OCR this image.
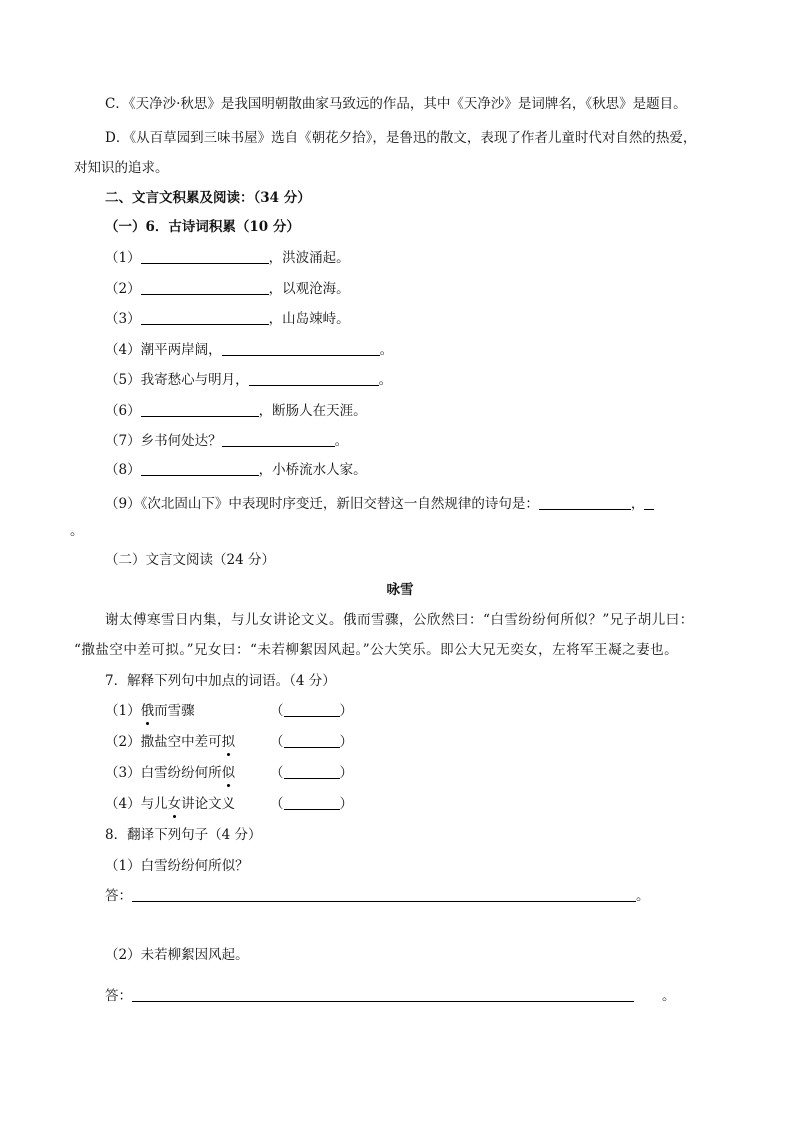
C．《天净沙·秋思》是我国明朝散曲家马致远的作品，其中《天净沙》是词牌名，《秋思》是题目。
D．《从百草园到三味书屋》选自《朝花夕拾》，是鲁迅的散文，表现了作者儿童时代对自然的热爱，
对知识的追求。
二、文言文积累及阅读：（34 分）
（一）6．古诗词积累（10 分）
（1）	，洪波涌起。
（2）	，以观沧海。
（3）	，山岛竦峙。
（4）潮平两岸阔，	。
（5）我寄愁心与明月，	。
（6）	，断肠人在天涯。
（7）乡书何处达？	。
（8）	，小桥流水人家。
（9）《次北固山下》中表现时序变迁，新旧交替这一自然规律的诗句是：	，
。
（二）文言文阅读（24 分）
咏雪
谢太傅寒雪日内集，与儿女讲论文义。俄而雪骤，公欣然曰：“白雪纷纷何所似？”兄子胡儿曰：
“撒盐空中差可拟。”兄女曰：“未若柳絮因风起。”公大笑乐。即公大兄无奕女，左将军王凝之妻也。
7．解释下列句中加点的词语。（4 分）
（1）俄而雪骤	（	）
（2）撒盐空中差可拟	（	）
（3）白雪纷纷何所似	（	）
（4）与儿女讲论文义	（	）
8．翻译下列句子（4 分）
（1）白雪纷纷何所似？
答：	。
（2）未若柳絮因风起。
答：	。
